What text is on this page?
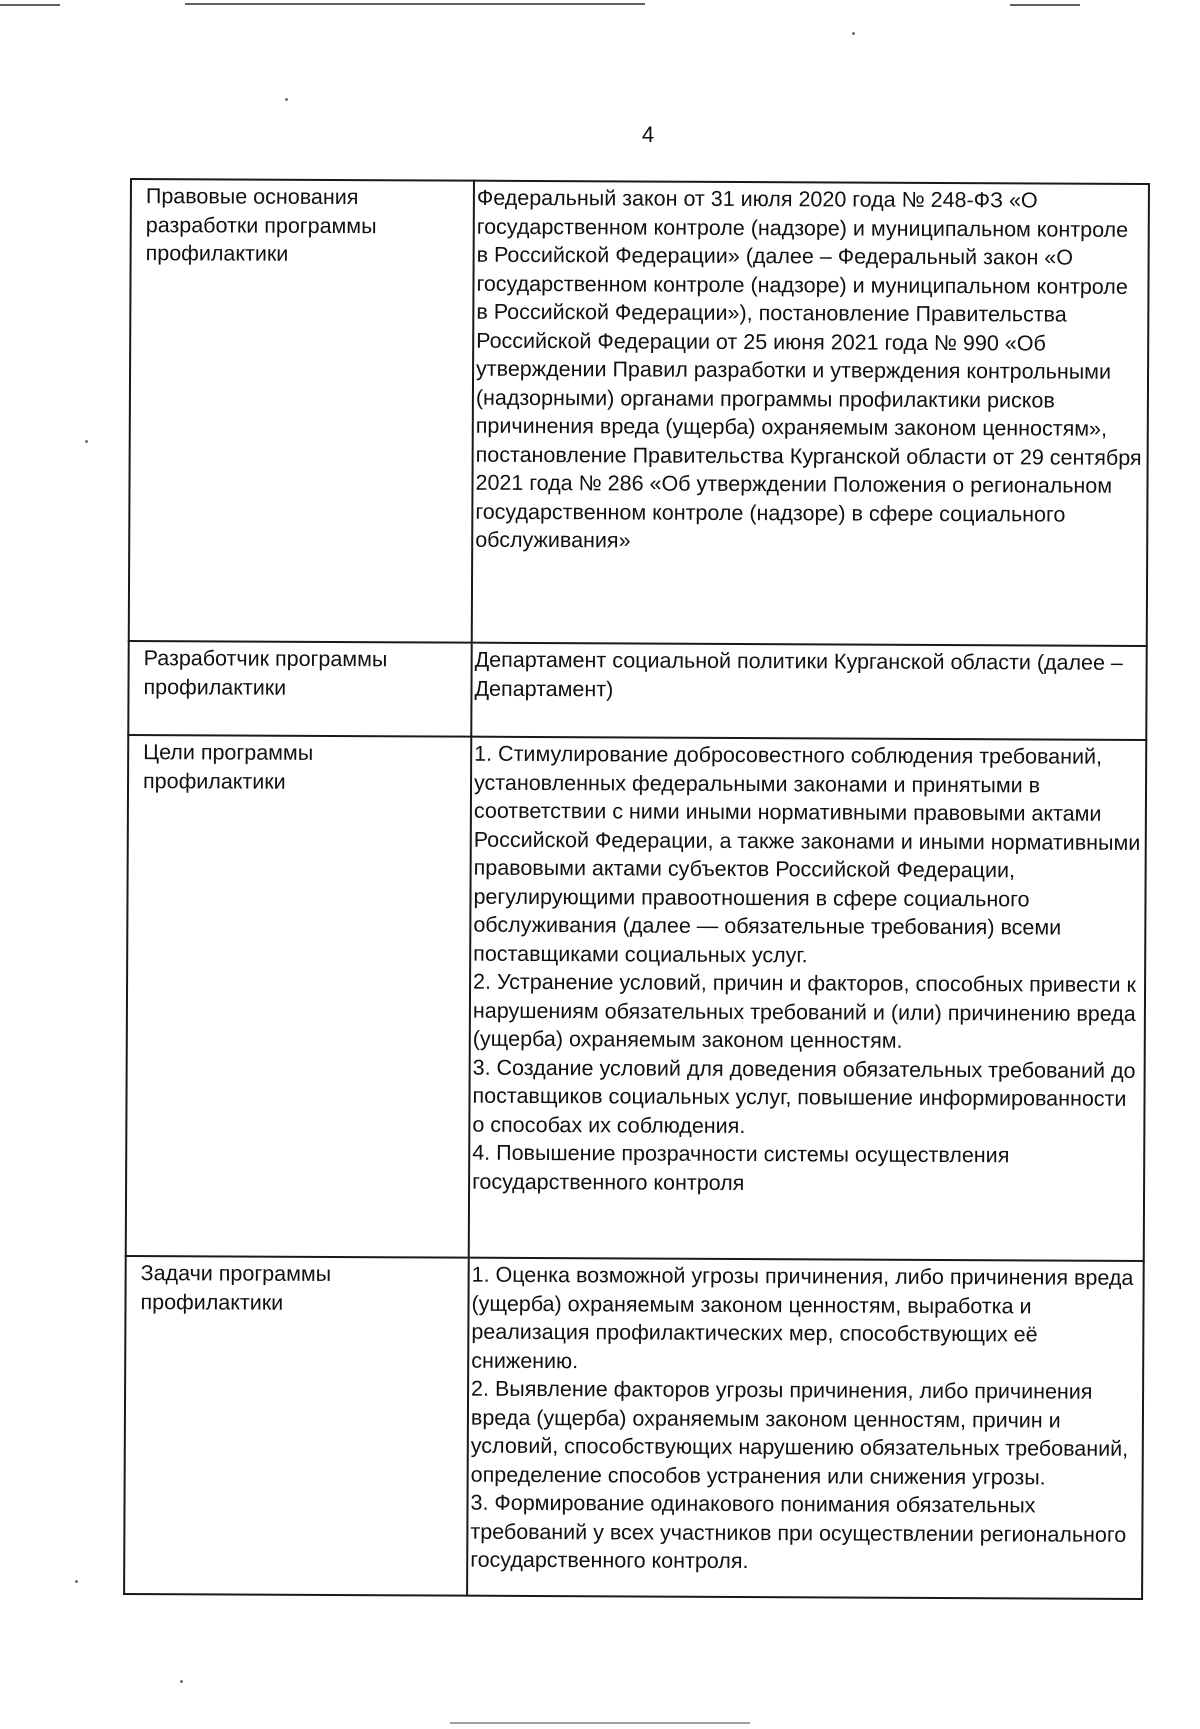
4
Правовые основания разработки программы профилактики	Федеральный закон от 31 июля 2020 года № 248-ФЗ «О государственном контроле (надзоре) и муниципальном контроле в Российской Федерации» (далее – Федеральный закон «О государственном контроле (надзоре) и муниципальном контроле в Российской Федерации»), постановление Правительства Российской Федерации от 25 июня 2021 года № 990 «Об утверждении Правил разработки и утверждения контрольными (надзорными) органами программы профилактики рисков причинения вреда (ущерба) охраняемым законом ценностям», постановление Правительства Курганской области от 29 сентября 2021 года № 286 «Об утверждении Положения о региональном государственном контроле (надзоре) в сфере социального обслуживания»

Разработчик программы профилактики	Департамент социальной политики Курганской области (далее – Департамент)

Цели программы профилактики	1. Стимулирование добросовестного соблюдения требований, установленных федеральными законами и принятыми в соответствии с ними иными нормативными правовыми актами Российской Федерации, а также законами и иными нормативными правовыми актами субъектов Российской Федерации, регулирующими правоотношения в сфере социального обслуживания (далее — обязательные требования) всеми поставщиками социальных услуг.
2. Устранение условий, причин и факторов, способных привести к нарушениям обязательных требований и (или) причинению вреда (ущерба) охраняемым законом ценностям.
3. Создание условий для доведения обязательных требований до поставщиков социальных услуг, повышение информированности о способах их соблюдения.
4. Повышение прозрачности системы осуществления государственного контроля

Задачи программы профилактики	1. Оценка возможной угрозы причинения, либо причинения вреда (ущерба) охраняемым законом ценностям, выработка и реализация профилактических мер, способствующих её снижению.
2. Выявление факторов угрозы причинения, либо причинения вреда (ущерба) охраняемым законом ценностям, причин и условий, способствующих нарушению обязательных требований, определение способов устранения или снижения угрозы.
3. Формирование одинакового понимания обязательных требований у всех участников при осуществлении регионального государственного контроля.
